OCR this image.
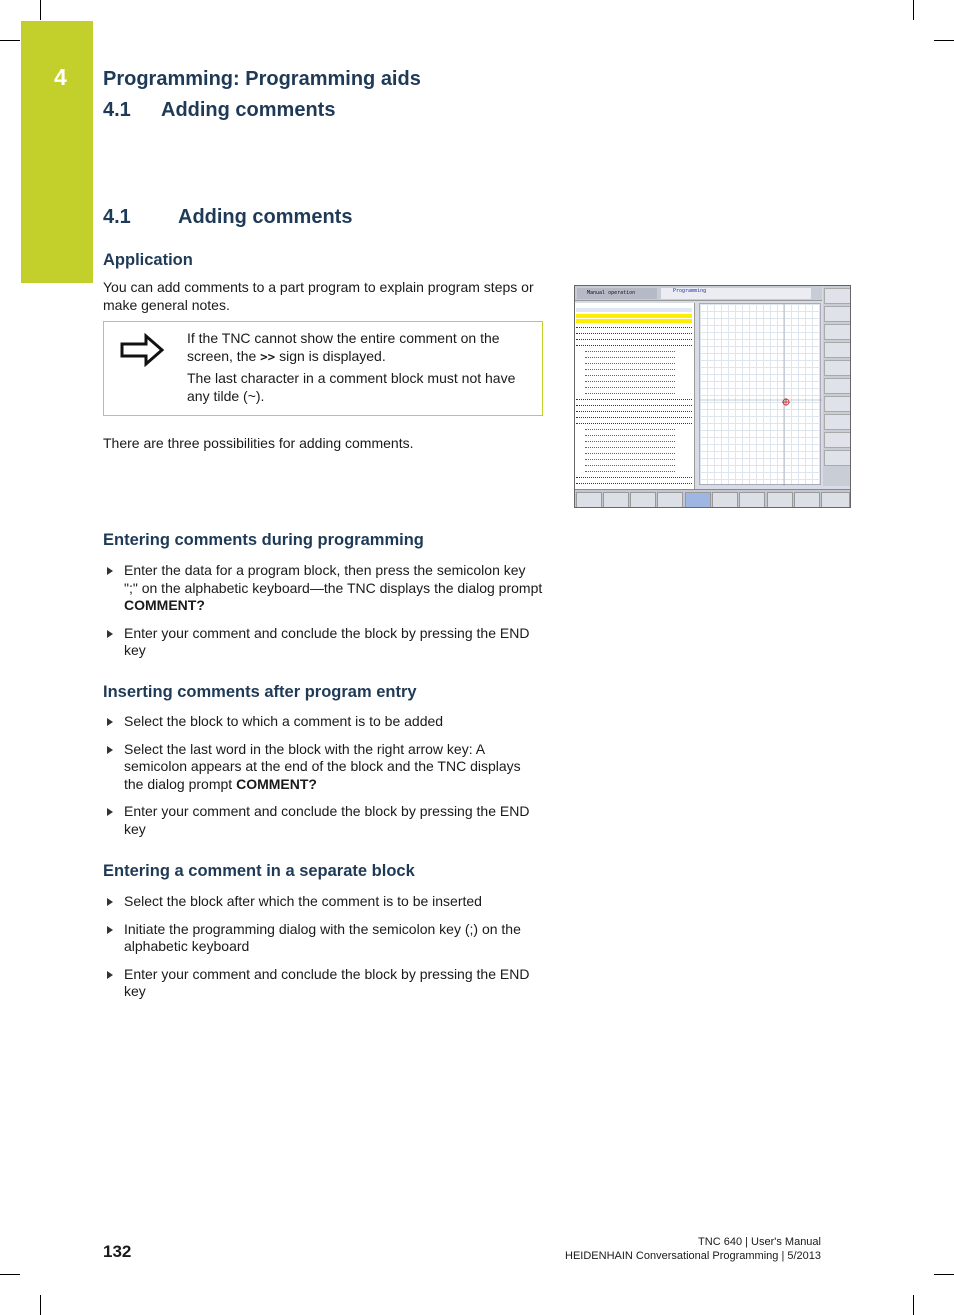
4 Programming: Programming aids
4.1 Adding comments
4.1 Adding comments
Application
You can add comments to a part program to explain program steps or make general notes.

If the TNC cannot show the entire comment on the screen, the >> sign is displayed.

The last character in a comment block must not have any tilde (~).

There are three possibilities for adding comments.
Entering comments during programming
Enter the data for a program block, then press the semicolon key ";" on the alphabetic keyboard—the TNC displays the dialog prompt COMMENT?
Enter your comment and conclude the block by pressing the END key
Inserting comments after program entry
Select the block to which a comment is to be added
Select the last word in the block with the right arrow key: A semicolon appears at the end of the block and the TNC displays the dialog prompt COMMENT?
Enter your comment and conclude the block by pressing the END key
Entering a comment in a separate block
Select the block after which the comment is to be inserted
Initiate the programming dialog with the semicolon key (;) on the alphabetic keyboard
Enter your comment and conclude the block by pressing the END key
Manual operation	Programming
132	TNC 640 | User's Manual
HEIDENHAIN Conversational Programming | 5/2013
